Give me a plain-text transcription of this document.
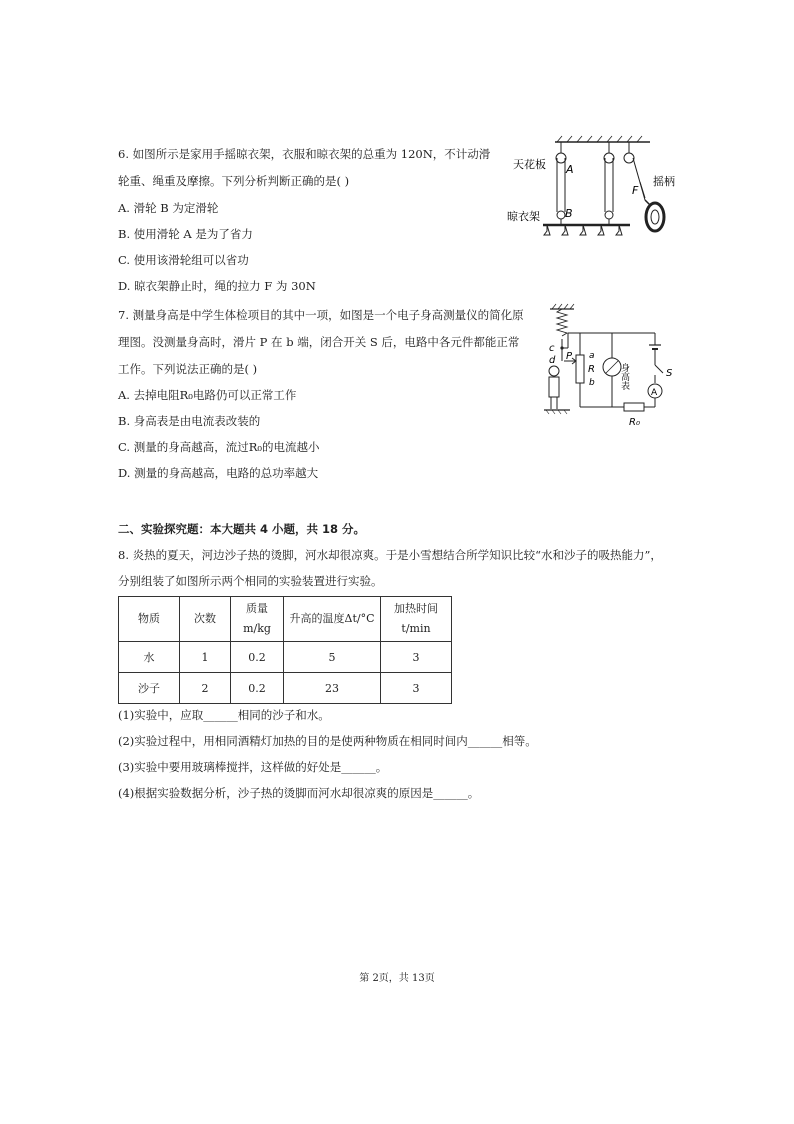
6. 如图所示是家用手摇晾衣架，衣服和晾衣架的总重为 120N，不计动滑
轮重、绳重及摩擦。下列分析判断正确的是( )
A. 滑轮 B 为定滑轮
B. 使用滑轮 A 是为了省力
C. 使用该滑轮组可以省功
D. 晾衣架静止时，绳的拉力 F 为 30N
天花板
晾衣架
摇柄
A
B
F
7. 测量身高是中学生体检项目的其中一项，如图是一个电子身高测量仪的简化原
理图。没测量身高时，滑片 P 在 b 端，闭合开关 S 后，电路中各元件都能正常
工作。下列说法正确的是( )
A. 去掉电阻R₀电路仍可以正常工作
B. 身高表是由电流表改装的
C. 测量的身高越高，流过R₀的电流越小
D. 测量的身高越高，电路的总功率越大
c
d P a
R
b	身高表	S
A
R₀
二、实验探究题：本大题共 4 小题，共 18 分。
8. 炎热的夏天，河边沙子热的烫脚，河水却很凉爽。于是小雪想结合所学知识比较“水和沙子的吸热能力”，
分别组装了如图所示两个相同的实验装置进行实验。
物质	次数	质量 m/kg	升高的温度Δt/°C	加热时间 t/min
水	1	0.2	5	3
沙子	2	0.2	23	3
(1)实验中，应取______相同的沙子和水。
(2)实验过程中，用相同酒精灯加热的目的是使两种物质在相同时间内______相等。
(3)实验中要用玻璃棒搅拌，这样做的好处是______。
(4)根据实验数据分析，沙子热的烫脚而河水却很凉爽的原因是______。
第 2页，共 13页
